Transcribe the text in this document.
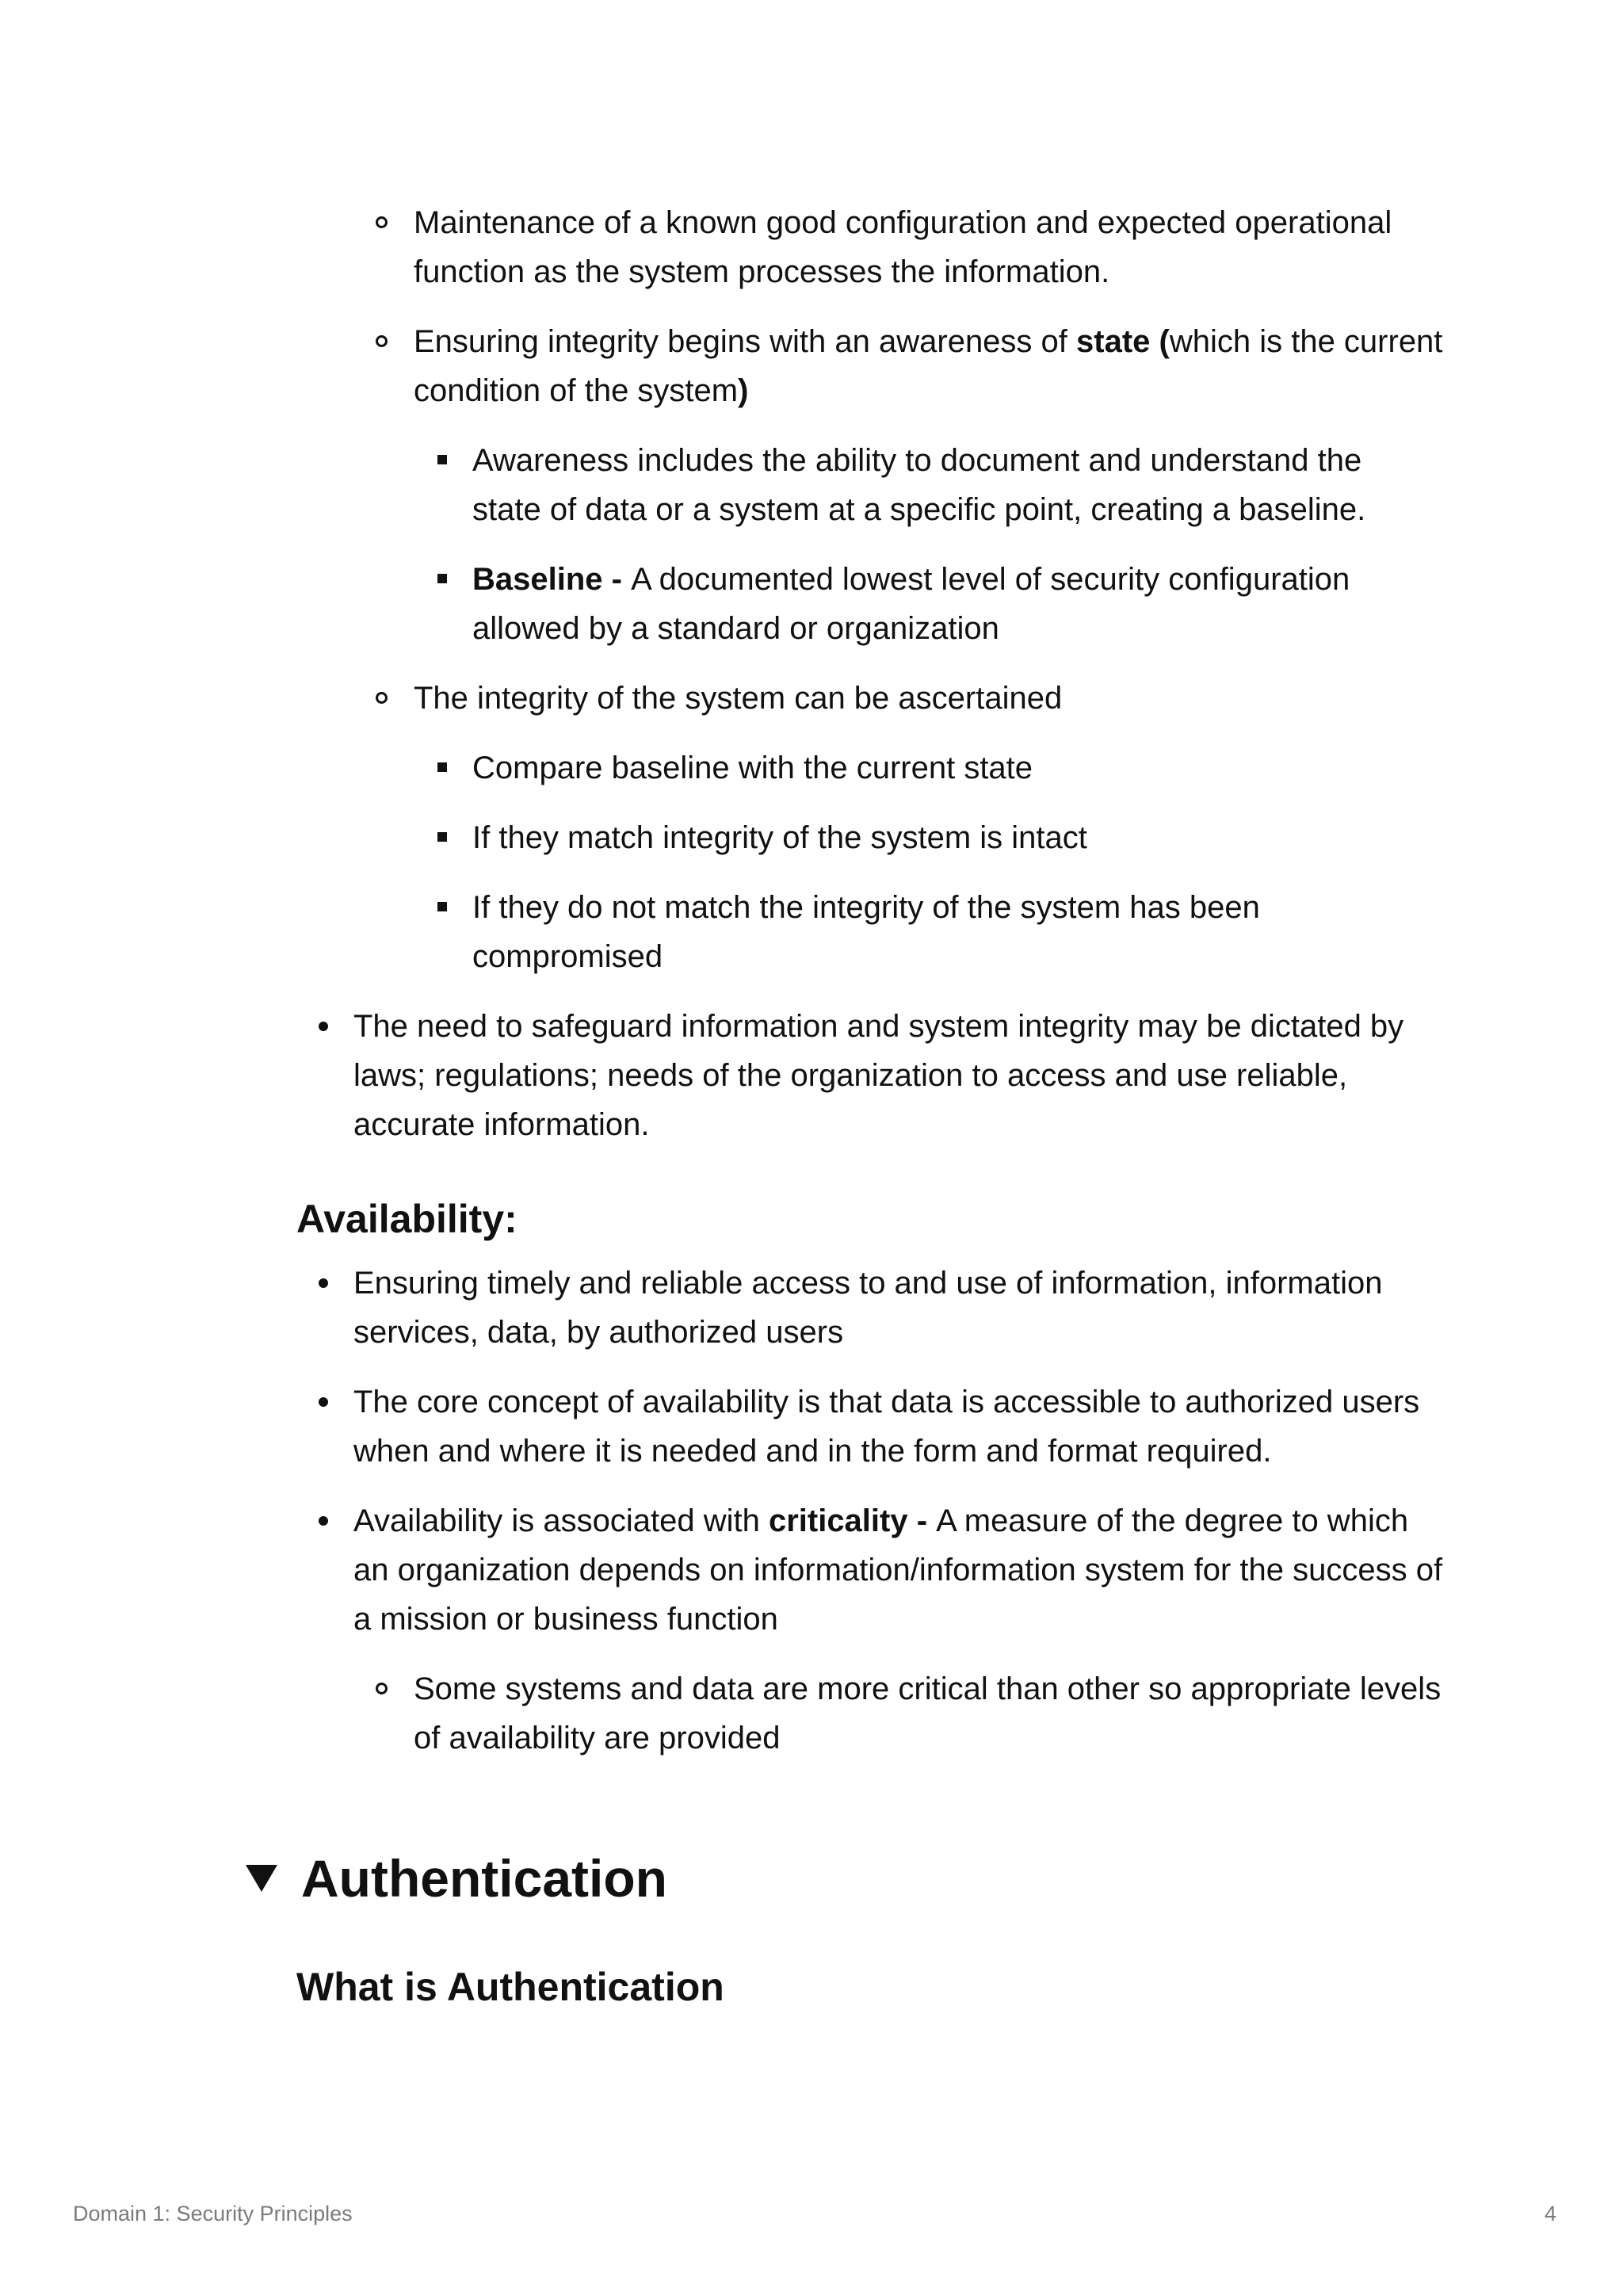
Maintenance of a known good configuration and expected operational function as the system processes the information.
Ensuring integrity begins with an awareness of state (which is the current condition of the system)
Awareness includes the ability to document and understand the state of data or a system at a specific point, creating a baseline.
Baseline - A documented lowest level of security configuration allowed by a standard or organization
The integrity of the system can be ascertained
Compare baseline with the current state
If they match integrity of the system is intact
If they do not match the integrity of the system has been compromised
The need to safeguard information and system integrity may be dictated by laws; regulations; needs of the organization to access and use reliable, accurate information.
Availability:
Ensuring timely and reliable access to and use of information, information services, data, by authorized users
The core concept of availability is that data is accessible to authorized users when and where it is needed and in the form and format required.
Availability is associated with criticality - A measure of the degree to which an organization depends on information/information system for the success of a mission or business function
Some systems and data are more critical than other so appropriate levels of availability are provided
Authentication
What is Authentication
Domain 1: Security Principles	4
